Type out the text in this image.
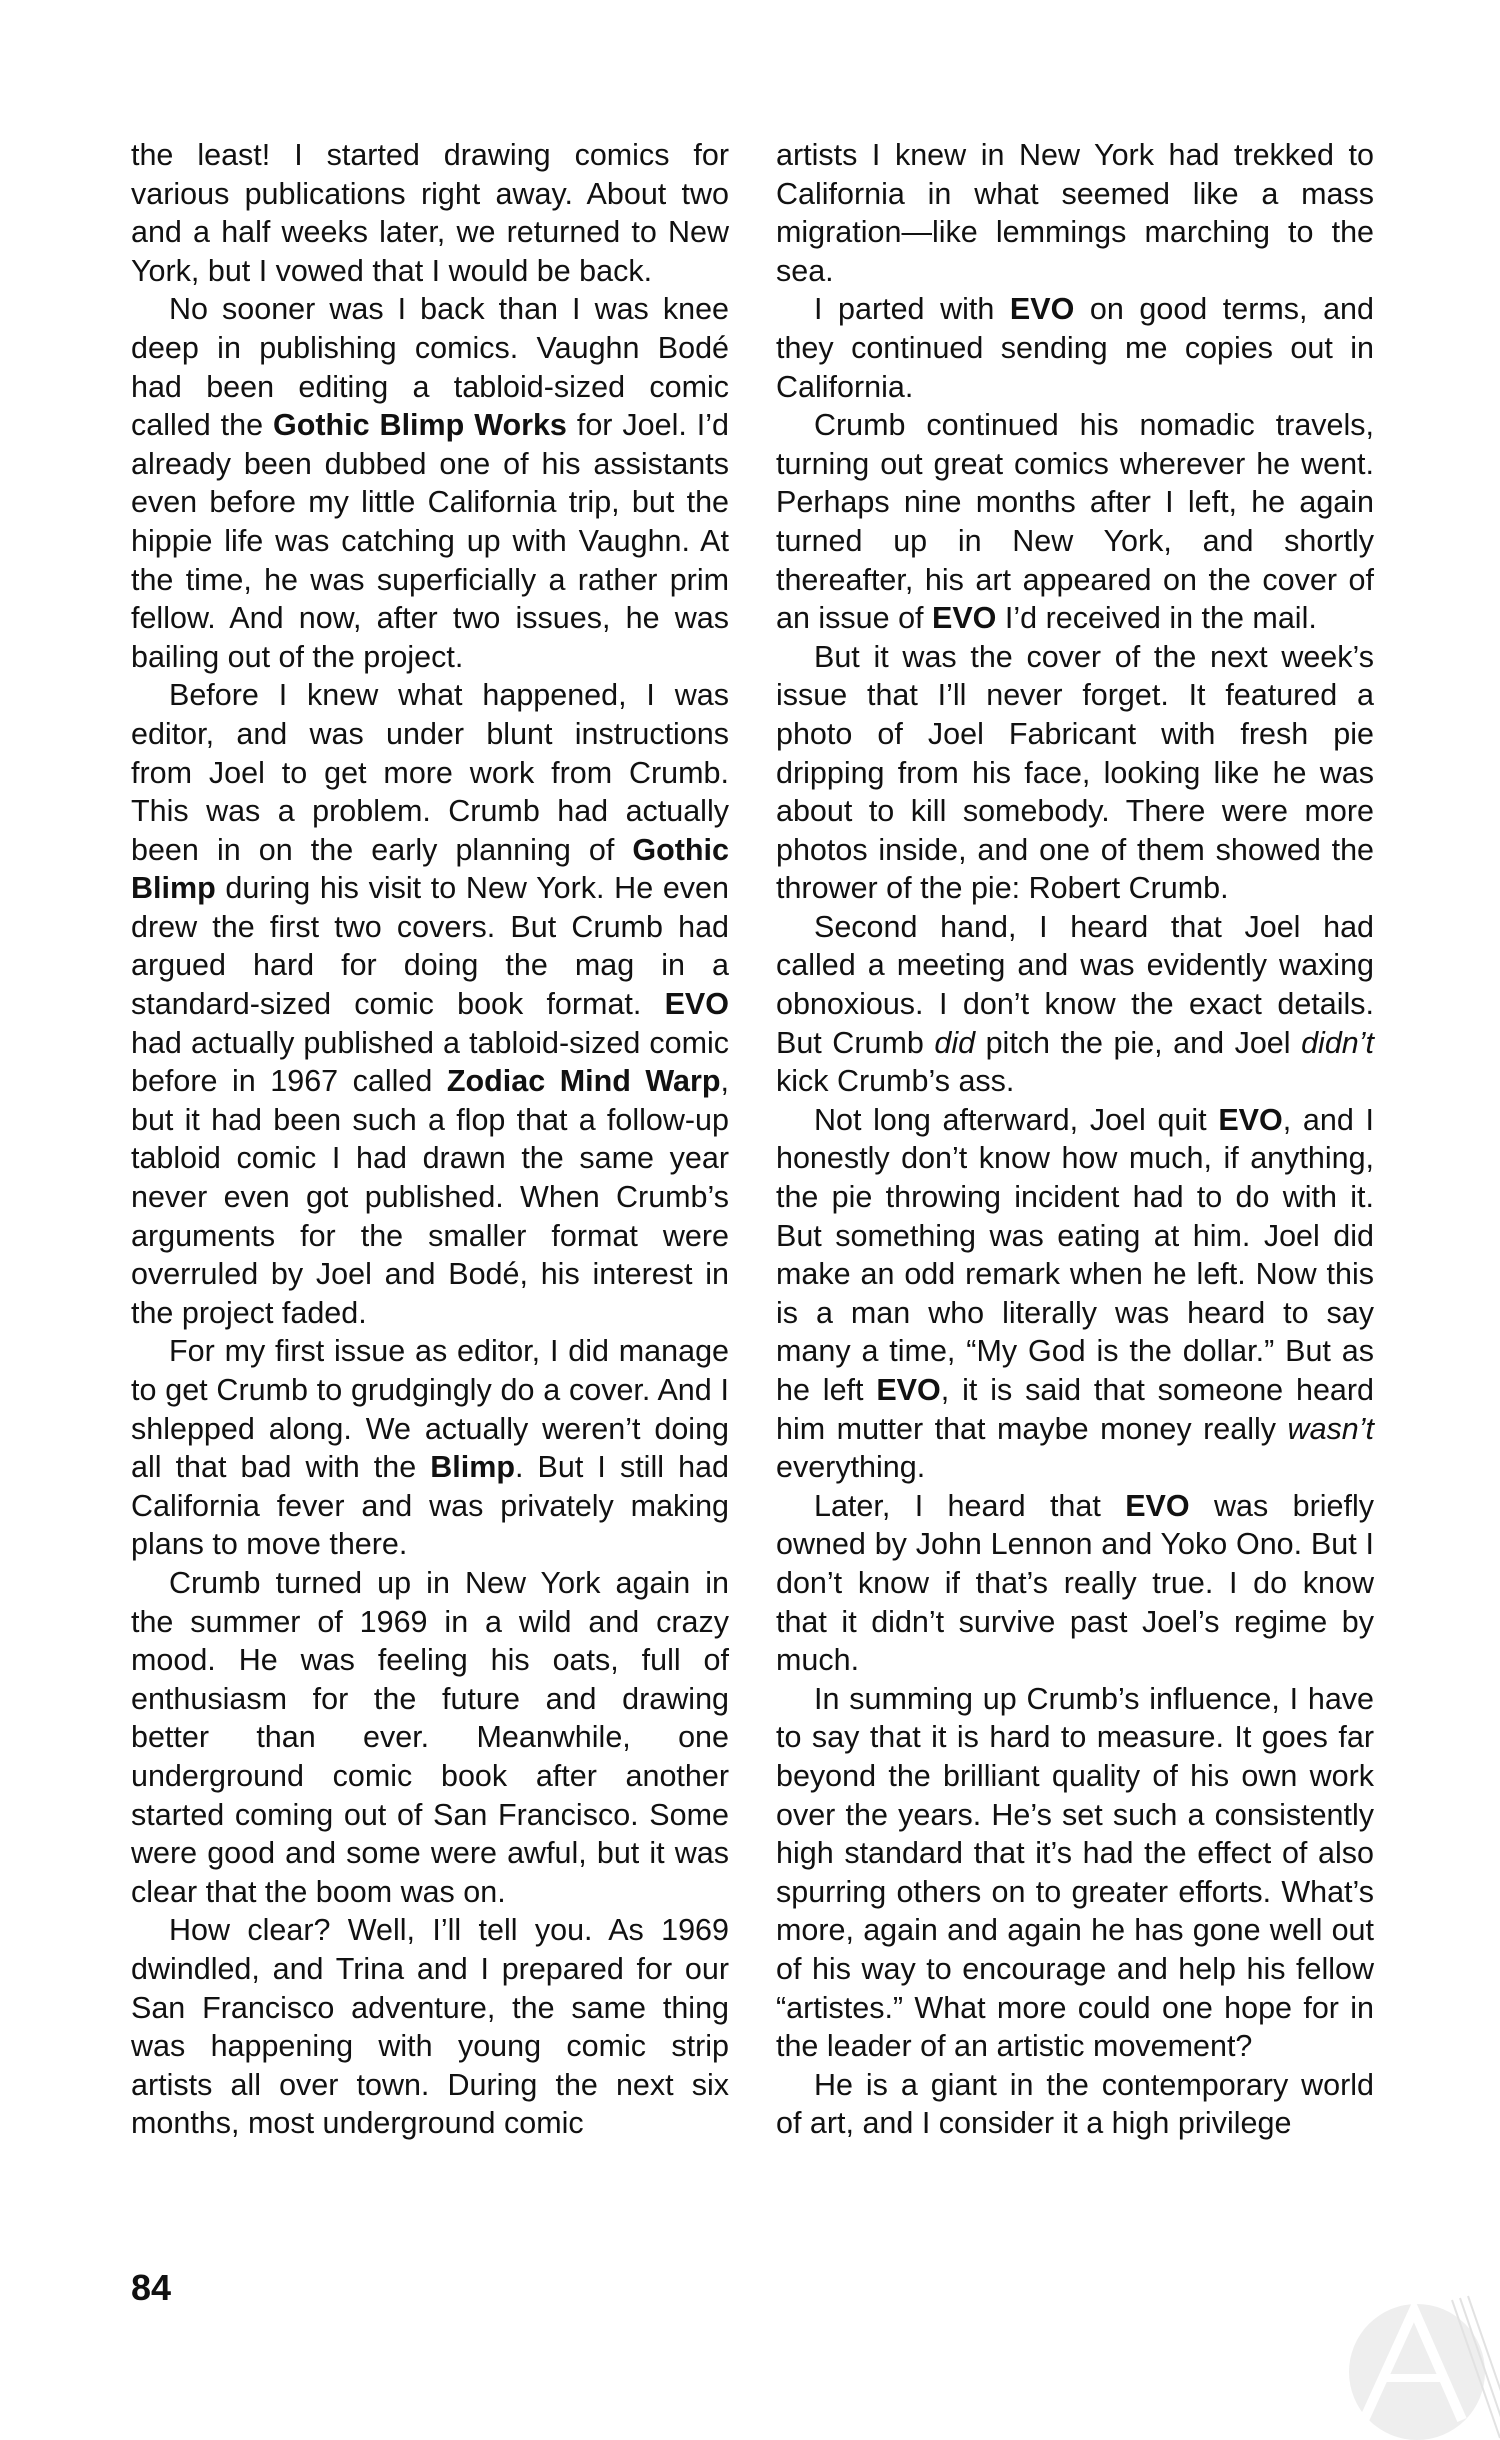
the least! I started drawing comics for various publications right away. About two and a half weeks later, we returned to New York, but I vowed that I would be back.

No sooner was I back than I was knee deep in publishing comics. Vaughn Bodé had been editing a tabloid-sized comic called the Gothic Blimp Works for Joel. I’d already been dubbed one of his assistants even before my little California trip, but the hippie life was catching up with Vaughn. At the time, he was superficially a rather prim fellow. And now, after two issues, he was bailing out of the project.

Before I knew what happened, I was editor, and was under blunt instructions from Joel to get more work from Crumb. This was a problem. Crumb had actually been in on the early planning of Gothic Blimp during his visit to New York. He even drew the first two covers. But Crumb had argued hard for doing the mag in a standard-sized comic book format. EVO had actually published a tabloid-sized comic before in 1967 called Zodiac Mind Warp, but it had been such a flop that a follow-up tabloid comic I had drawn the same year never even got published. When Crumb’s arguments for the smaller format were overruled by Joel and Bodé, his interest in the project faded.

For my first issue as editor, I did manage to get Crumb to grudgingly do a cover. And I shlepped along. We actually weren’t doing all that bad with the Blimp. But I still had California fever and was privately making plans to move there.

Crumb turned up in New York again in the summer of 1969 in a wild and crazy mood. He was feeling his oats, full of enthusiasm for the future and drawing better than ever. Meanwhile, one underground comic book after another started coming out of San Francisco. Some were good and some were awful, but it was clear that the boom was on.

How clear? Well, I’ll tell you. As 1969 dwindled, and Trina and I prepared for our San Francisco adventure, the same thing was happening with young comic strip artists all over town. During the next six months, most underground comic

artists I knew in New York had trekked to California in what seemed like a mass migration—like lemmings marching to the sea.

I parted with EVO on good terms, and they continued sending me copies out in California.

Crumb continued his nomadic travels, turning out great comics wherever he went. Perhaps nine months after I left, he again turned up in New York, and shortly thereafter, his art appeared on the cover of an issue of EVO I’d received in the mail.

But it was the cover of the next week’s issue that I’ll never forget. It featured a photo of Joel Fabricant with fresh pie dripping from his face, looking like he was about to kill somebody. There were more photos inside, and one of them showed the thrower of the pie: Robert Crumb.

Second hand, I heard that Joel had called a meeting and was evidently waxing obnoxious. I don’t know the exact details. But Crumb did pitch the pie, and Joel didn’t kick Crumb’s ass.

Not long afterward, Joel quit EVO, and I honestly don’t know how much, if anything, the pie throwing incident had to do with it. But something was eating at him. Joel did make an odd remark when he left. Now this is a man who literally was heard to say many a time, “My God is the dollar.” But as he left EVO, it is said that someone heard him mutter that maybe money really wasn’t everything.

Later, I heard that EVO was briefly owned by John Lennon and Yoko Ono. But I don’t know if that’s really true. I do know that it didn’t survive past Joel’s regime by much.

In summing up Crumb’s influence, I have to say that it is hard to measure. It goes far beyond the brilliant quality of his own work over the years. He’s set such a consistently high standard that it’s had the effect of also spurring others on to greater efforts. What’s more, again and again he has gone well out of his way to encourage and help his fellow “artistes.” What more could one hope for in the leader of an artistic movement?

He is a giant in the contemporary world of art, and I consider it a high privilege

84
